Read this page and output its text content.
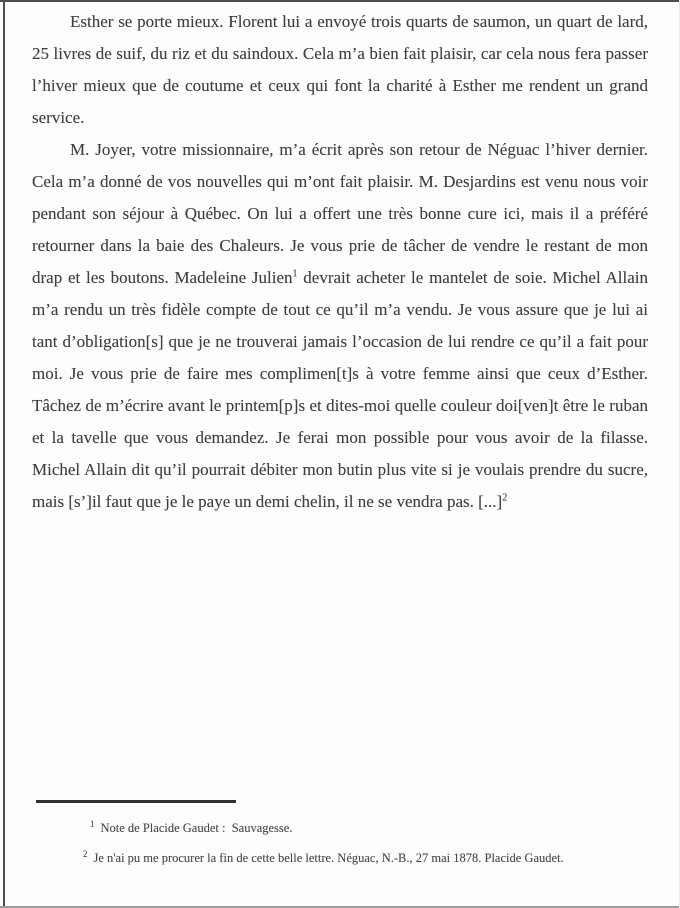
Esther se porte mieux. Florent lui a envoyé trois quarts de saumon, un quart de lard, 25 livres de suif, du riz et du saindoux. Cela m’a bien fait plaisir, car cela nous fera passer l’hiver mieux que de coutume et ceux qui font la charité à Esther me rendent un grand service.

M. Joyer, votre missionnaire, m’a écrit après son retour de Néguac l’hiver dernier. Cela m’a donné de vos nouvelles qui m’ont fait plaisir. M. Desjardins est venu nous voir pendant son séjour à Québec. On lui a offert une très bonne cure ici, mais il a préféré retourner dans la baie des Chaleurs. Je vous prie de tâcher de vendre le restant de mon drap et les boutons. Madeleine Julien$^1$ devrait acheter le mantelet de soie. Michel Allain m’a rendu un très fidèle compte de tout ce qu’il m’a vendu. Je vous assure que je lui ai tant d’obligation[s] que je ne trouverai jamais l’occasion de lui rendre ce qu’il a fait pour moi. Je vous prie de faire mes complimen[t]s à votre femme ainsi que ceux d’Esther. Tâchez de m’écrire avant le printem[p]s et dites-moi quelle couleur doi[ven]t être le ruban et la tavelle que vous demandez. Je ferai mon possible pour vous avoir de la filasse. Michel Allain dit qu’il pourrait débiter mon butin plus vite si je voulais prendre du sucre, mais [s’]il faut que je le paye un demi chelin, il ne se vendra pas. [...]$^2$

$^1$ Note de Placide Gaudet :  Sauvagesse.
$^2$ Je n'ai pu me procurer la fin de cette belle lettre. Néguac, N.-B., 27 mai 1878. Placide Gaudet.
